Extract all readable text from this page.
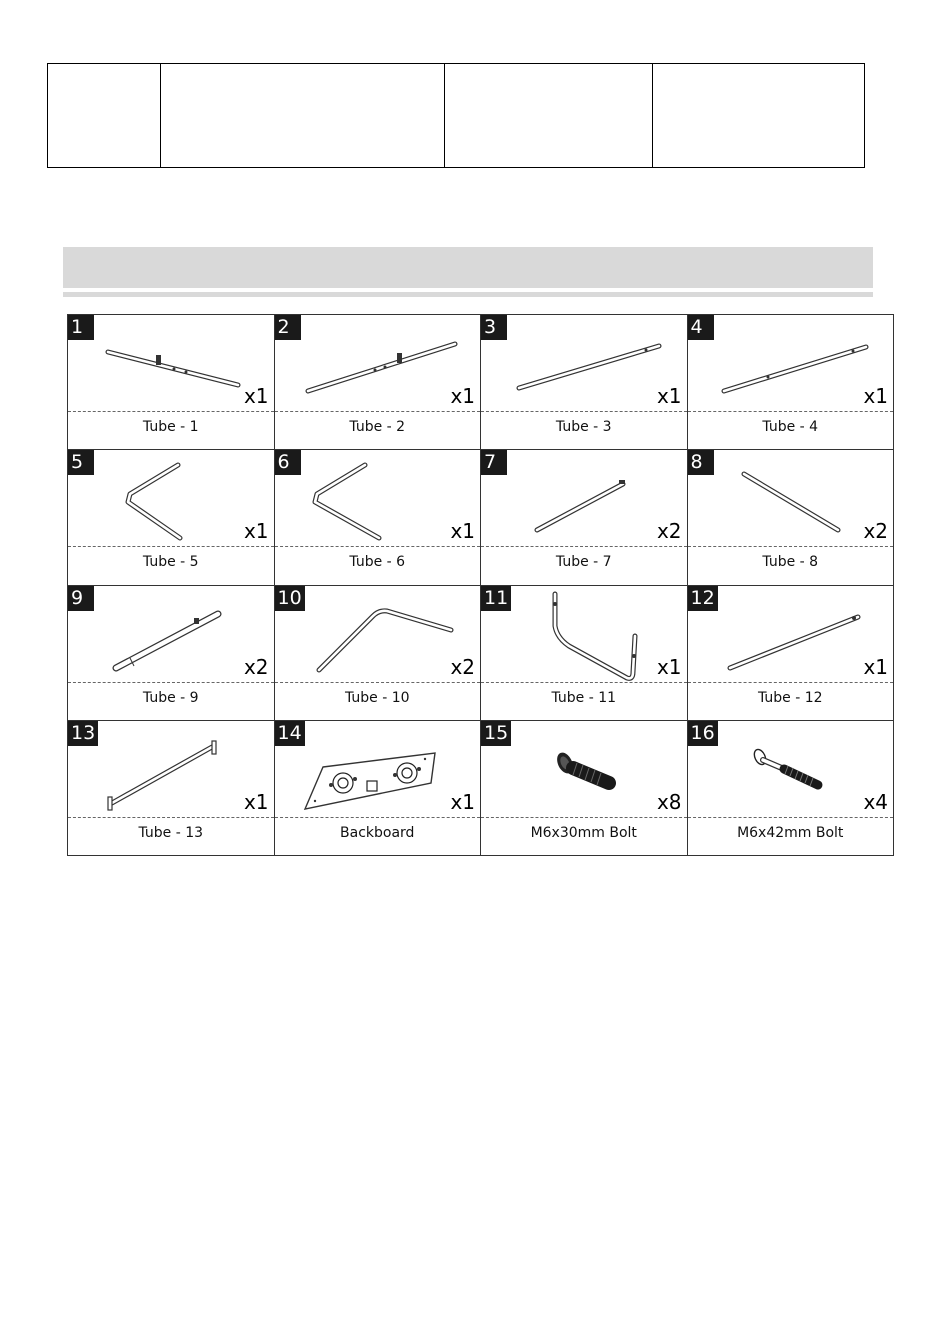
1
x1
Tube - 1
2
x1
Tube - 2
3
x1
Tube - 3
4
x1
Tube - 4
5
x1
Tube - 5
6
x1
Tube - 6
7
x2
Tube - 7
8
x2
Tube - 8
9
x2
Tube - 9
10
x2
Tube - 10
11
x1
Tube - 11
12
x1
Tube - 12
13
x1
Tube - 13
14
x1
Backboard
15
x8
M6x30mm Bolt
16
x4
M6x42mm Bolt
